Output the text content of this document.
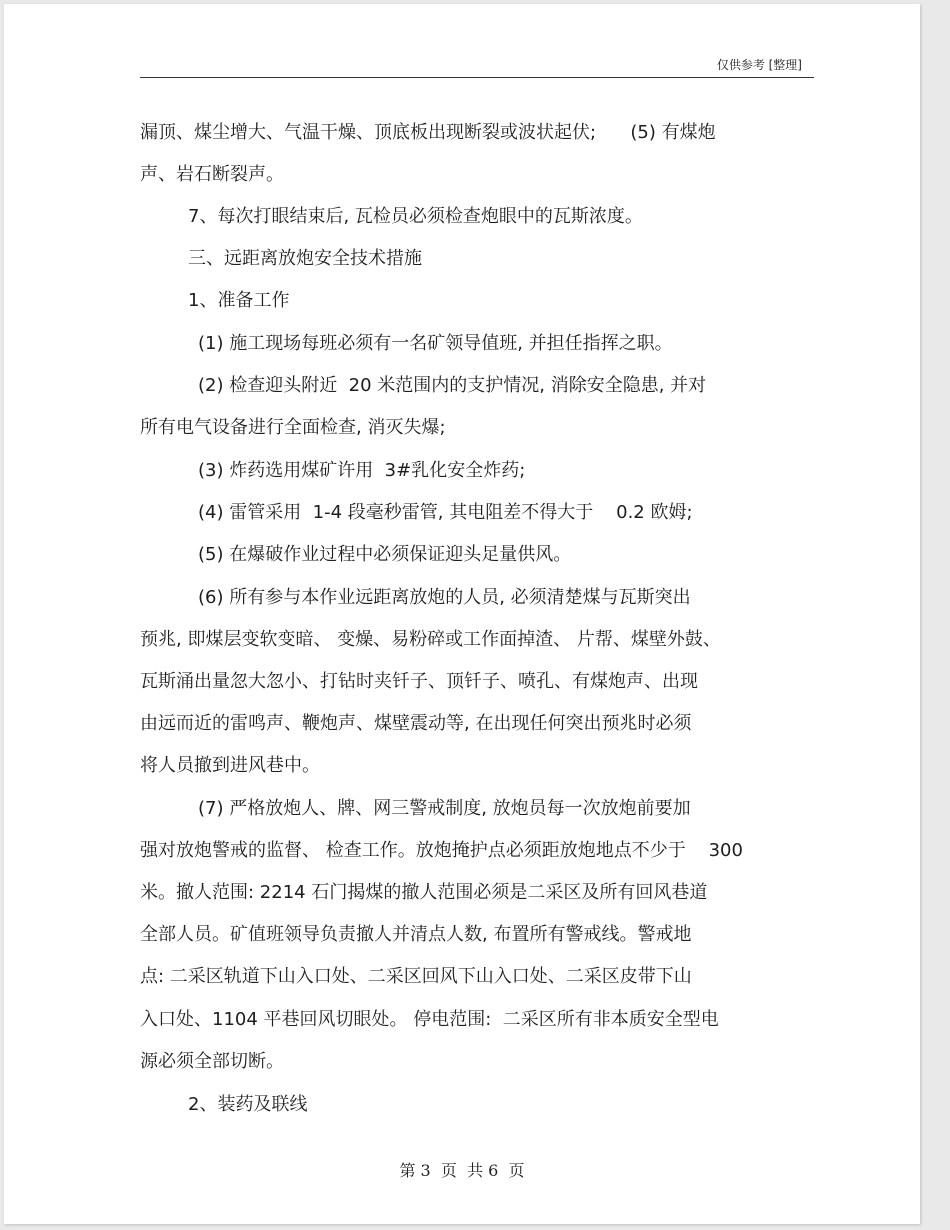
仅供参考 [整理]
漏顶、煤尘增大、气温干燥、顶底板出现断裂或波状起伏;      (5) 有煤炮
声、岩石断裂声。
7、每次打眼结束后, 瓦检员必须检查炮眼中的瓦斯浓度。
三、远距离放炮安全技术措施
1、准备工作
(1) 施工现场每班必须有一名矿领导值班, 并担任指挥之职。
(2) 检查迎头附近  20 米范围内的支护情况, 消除安全隐患, 并对
所有电气设备进行全面检查, 消灭失爆;
(3) 炸药选用煤矿许用  3#乳化安全炸药;
(4) 雷管采用  1-4 段毫秒雷管, 其电阻差不得大于    0.2 欧姆;
(5) 在爆破作业过程中必须保证迎头足量供风。
(6) 所有参与本作业远距离放炮的人员, 必须清楚煤与瓦斯突出
预兆, 即煤层变软变暗、 变燥、易粉碎或工作面掉渣、 片帮、煤壁外鼓、
瓦斯涌出量忽大忽小、打钻时夹钎子、顶钎子、喷孔、有煤炮声、出现
由远而近的雷鸣声、鞭炮声、煤壁震动等, 在出现任何突出预兆时必须
将人员撤到进风巷中。
(7) 严格放炮人、牌、网三警戒制度, 放炮员每一次放炮前要加
强对放炮警戒的监督、 检查工作。放炮掩护点必须距放炮地点不少于    300
米。撤人范围: 2214 石门揭煤的撤人范围必须是二采区及所有回风巷道
全部人员。矿值班领导负责撤人并清点人数, 布置所有警戒线。警戒地
点: 二采区轨道下山入口处、二采区回风下山入口处、二采区皮带下山
入口处、1104 平巷回风切眼处。 停电范围:  二采区所有非本质安全型电
源必须全部切断。
2、装药及联线
第 3  页  共 6  页
